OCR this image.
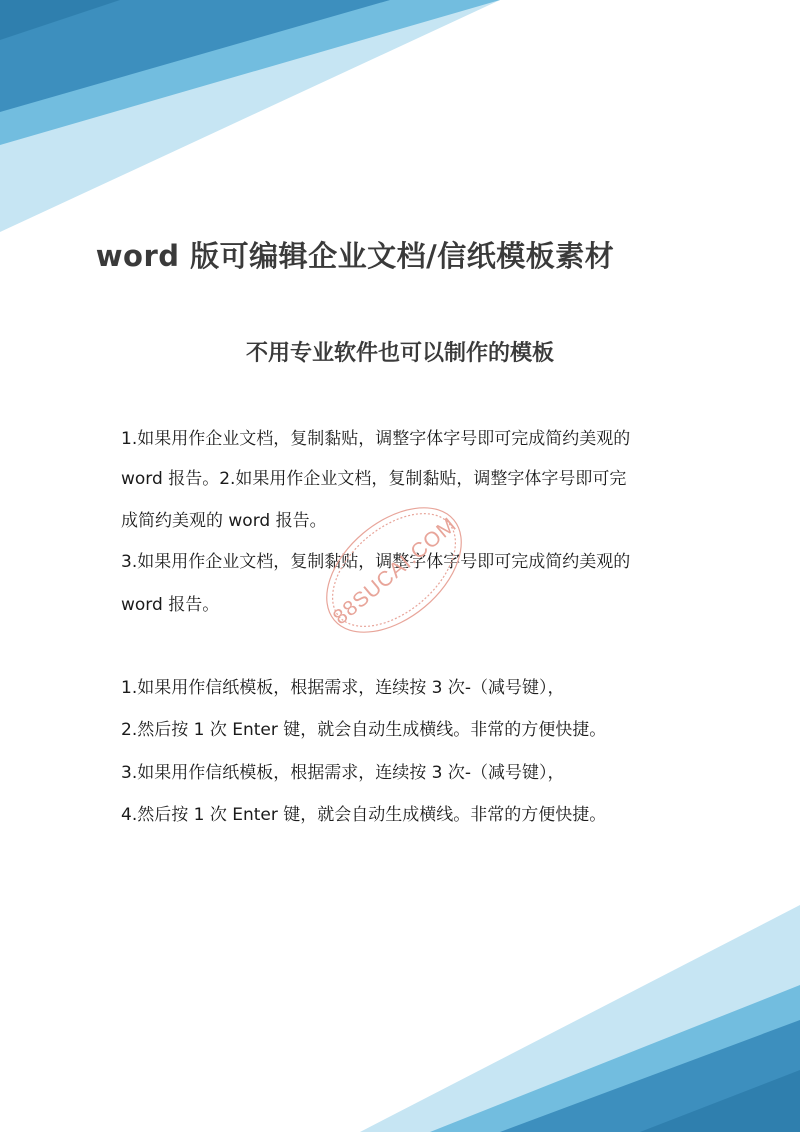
word 版可编辑企业文档/信纸模板素材
不用专业软件也可以制作的模板

1.如果用作企业文档，复制黏贴，调整字体字号即可完成简约美观的

word 报告。2.如果用作企业文档，复制黏贴，调整字体字号即可完

成简约美观的 word 报告。

3.如果用作企业文档，复制黏贴，调整字体字号即可完成简约美观的

word 报告。

1.如果用作信纸模板，根据需求，连续按 3 次-（减号键），

2.然后按 1 次 Enter 键，就会自动生成横线。非常的方便快捷。

3.如果用作信纸模板，根据需求，连续按 3 次-（减号键），

4.然后按 1 次 Enter 键，就会自动生成横线。非常的方便快捷。

88SUCAI.COM
